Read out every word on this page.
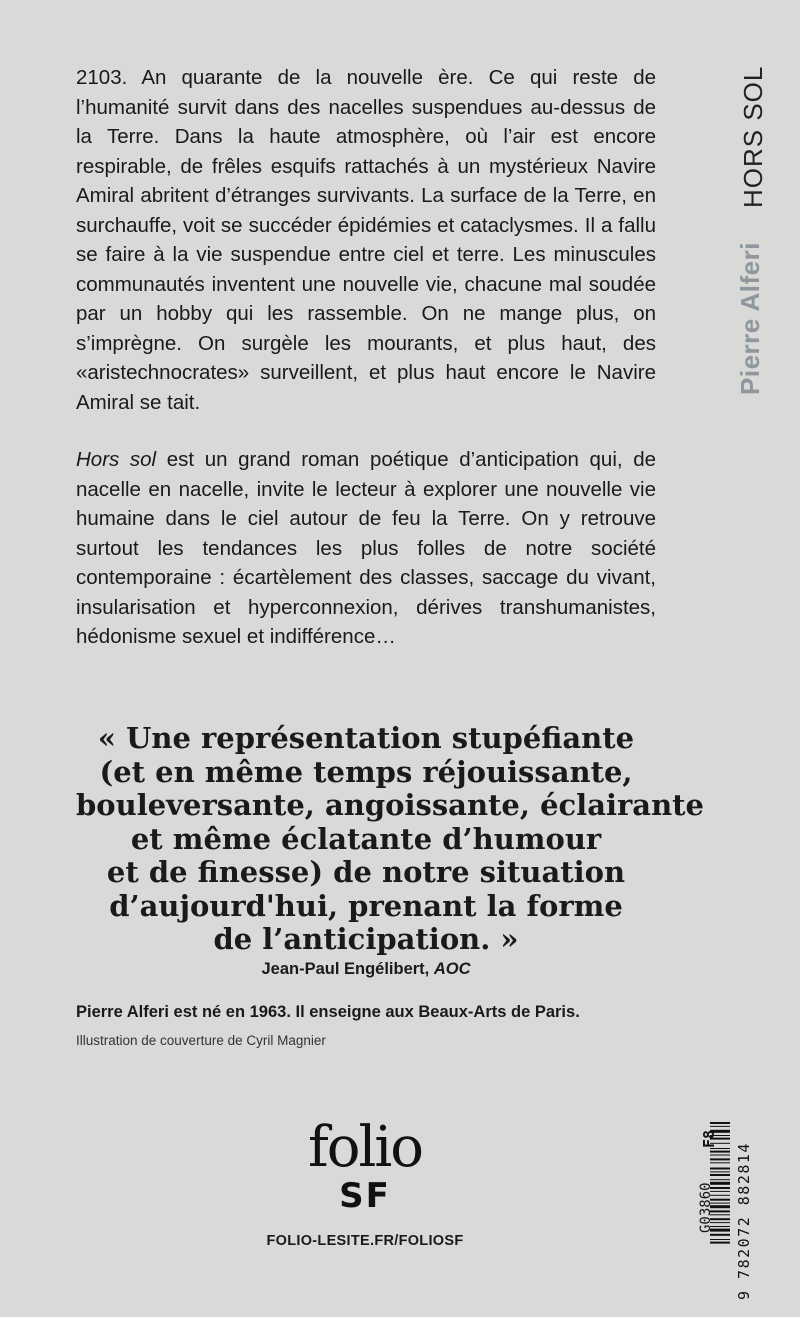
2103. An quarante de la nouvelle ère. Ce qui reste de l’humanité survit dans des nacelles suspendues au-dessus de la Terre. Dans la haute atmosphère, où l’air est encore respirable, de frêles esquifs rattachés à un mystérieux Navire Amiral abritent d’étranges survivants. La surface de la Terre, en surchauffe, voit se succéder épidémies et cataclysmes. Il a fallu se faire à la vie suspendue entre ciel et terre. Les minuscules communautés inventent une nouvelle vie, chacune mal soudée par un hobby qui les rassemble. On ne mange plus, on s’imprègne. On surgèle les mourants, et plus haut, des «aristechnocrates» surveillent, et plus haut encore le Navire Amiral se tait.

Hors sol est un grand roman poétique d’anticipation qui, de nacelle en nacelle, invite le lecteur à explorer une nouvelle vie humaine dans le ciel autour de feu la Terre. On y retrouve surtout les tendances les plus folles de notre société contemporaine : écartèlement des classes, saccage du vivant, insularisation et hyperconnexion, dérives transhumanistes, hédonisme sexuel et indifférence…

« Une représentation stupéfiante
(et en même temps réjouissante,
bouleversante, angoissante, éclairante
et même éclatante d’humour
et de finesse) de notre situation
d’aujourd'hui, prenant la forme
de l’anticipation. »
Jean-Paul Engélibert, AOC
Pierre Alferi est né en 1963. Il enseigne aux Beaux-Arts de Paris.
Illustration de couverture de Cyril Magnier
Pierre Alferi
HORS SOL
folio
SF
FOLIO-LESITE.FR/FOLIOSF
F8
G03860 9 782072 882814
